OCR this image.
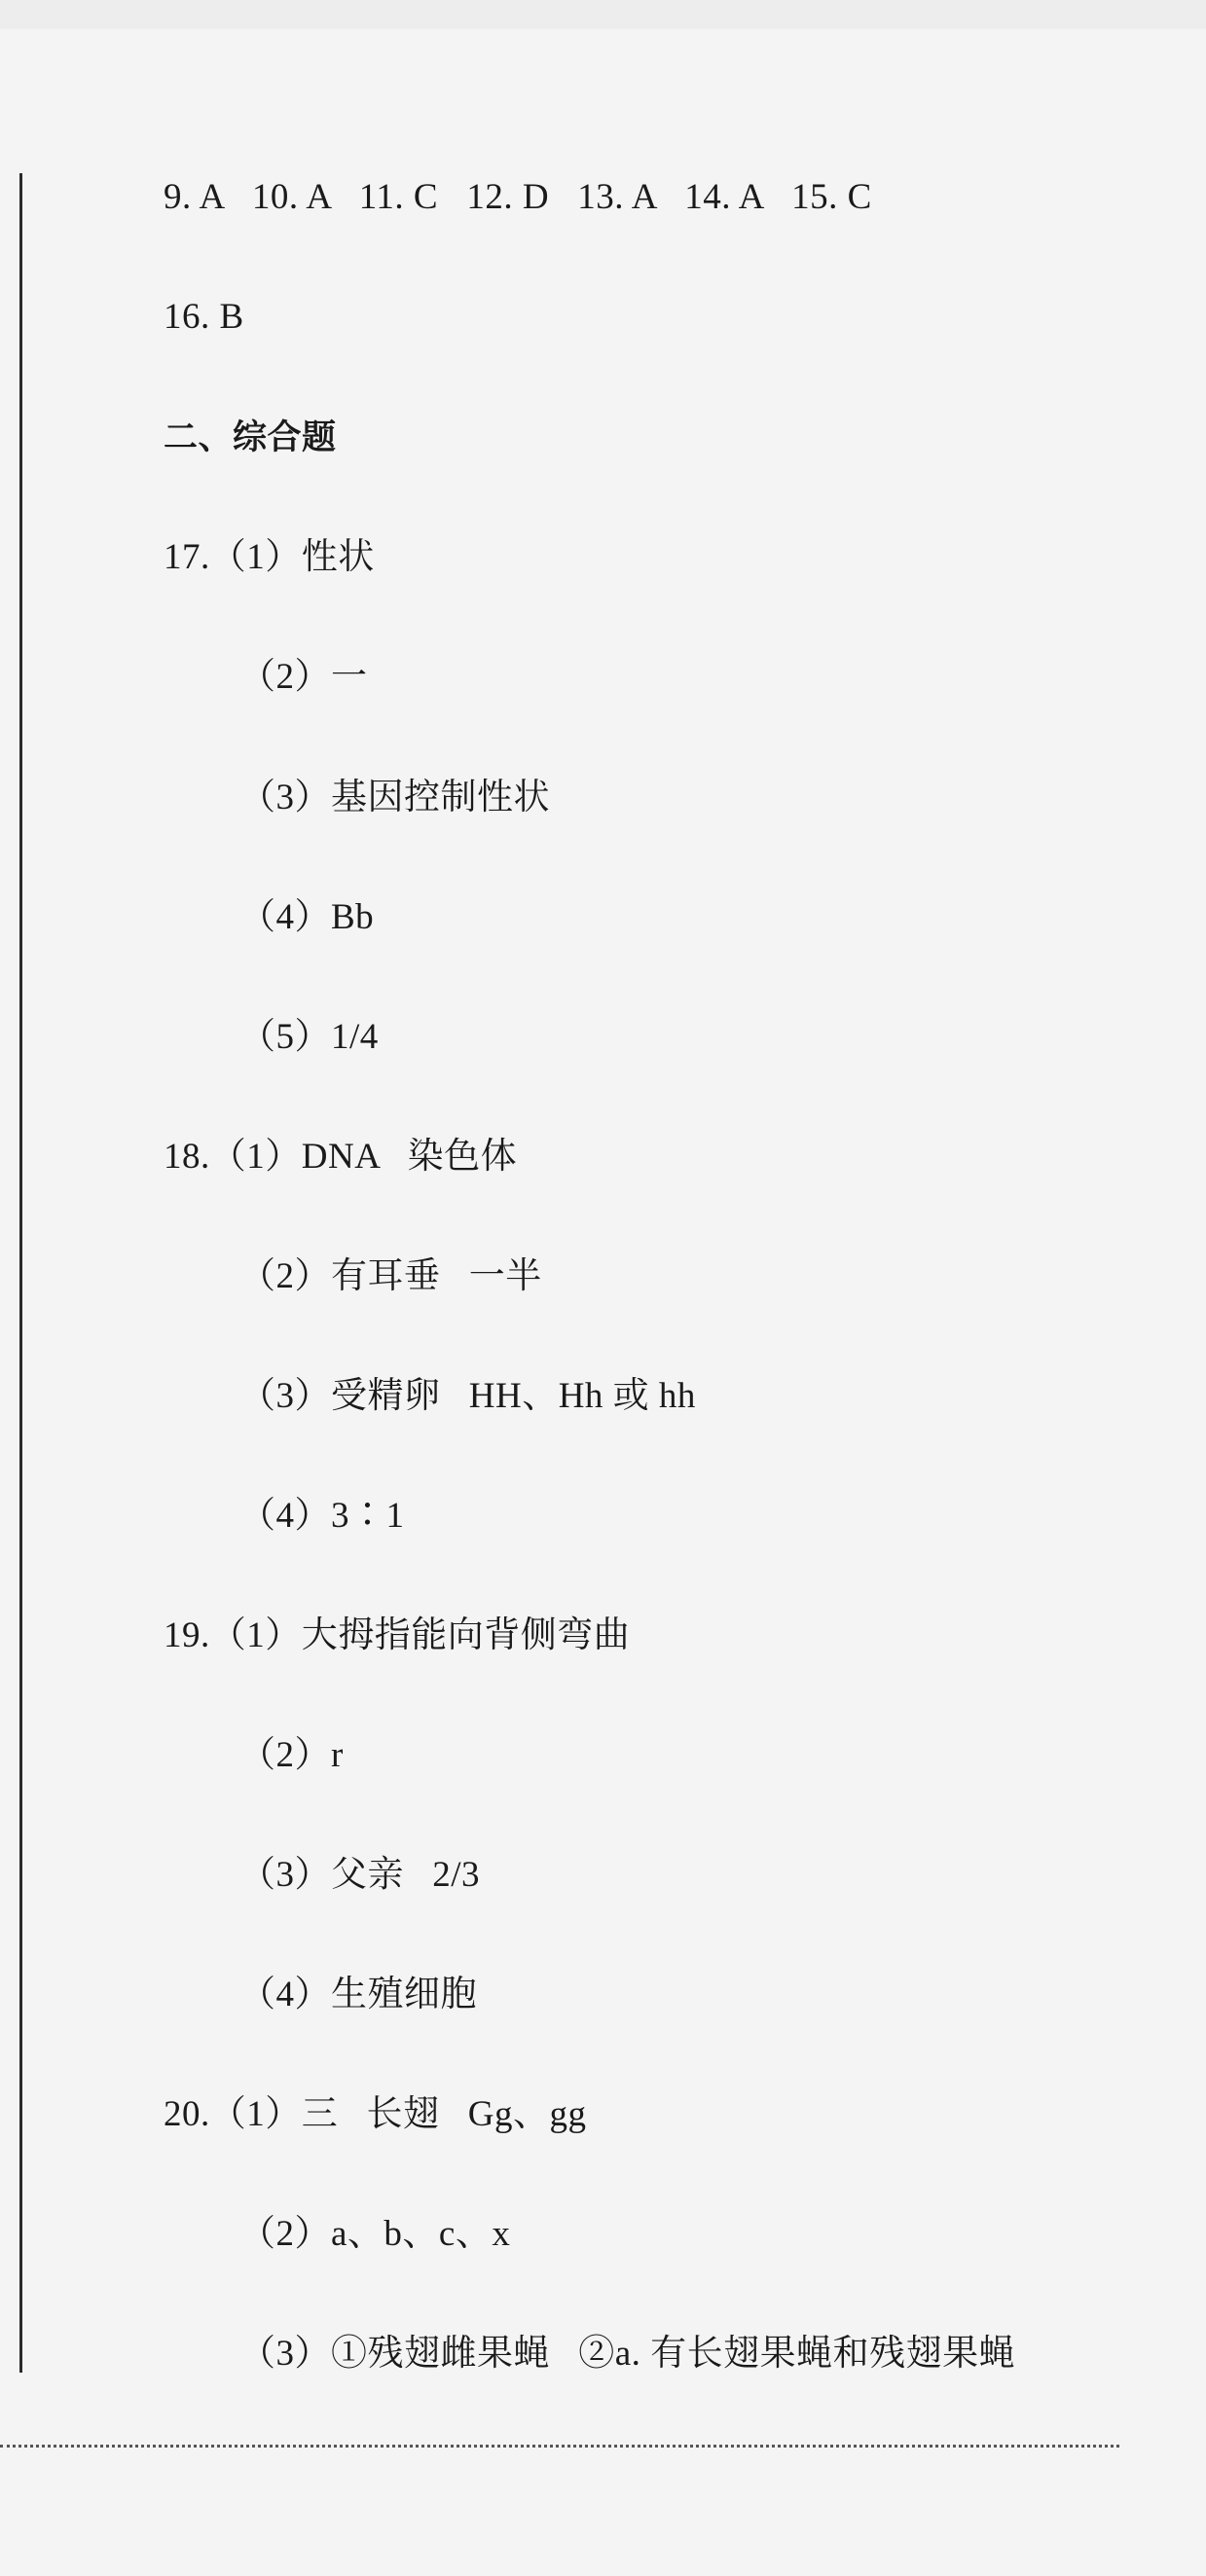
9. A   10. A   11. C   12. D   13. A   14. A   15. C
16. B
二、综合题
17.（1）性状
（2）一
（3）基因控制性状
（4）Bb
（5）1/4
18.（1）DNA   染色体
（2）有耳垂   一半
（3）受精卵   HH、Hh 或 hh
（4）3∶1
19.（1）大拇指能向背侧弯曲
（2）r
（3）父亲   2/3
（4）生殖细胞
20.（1）三   长翅   Gg、gg
（2）a、b、c、x
（3）①残翅雌果蝇   ②a. 有长翅果蝇和残翅果蝇
